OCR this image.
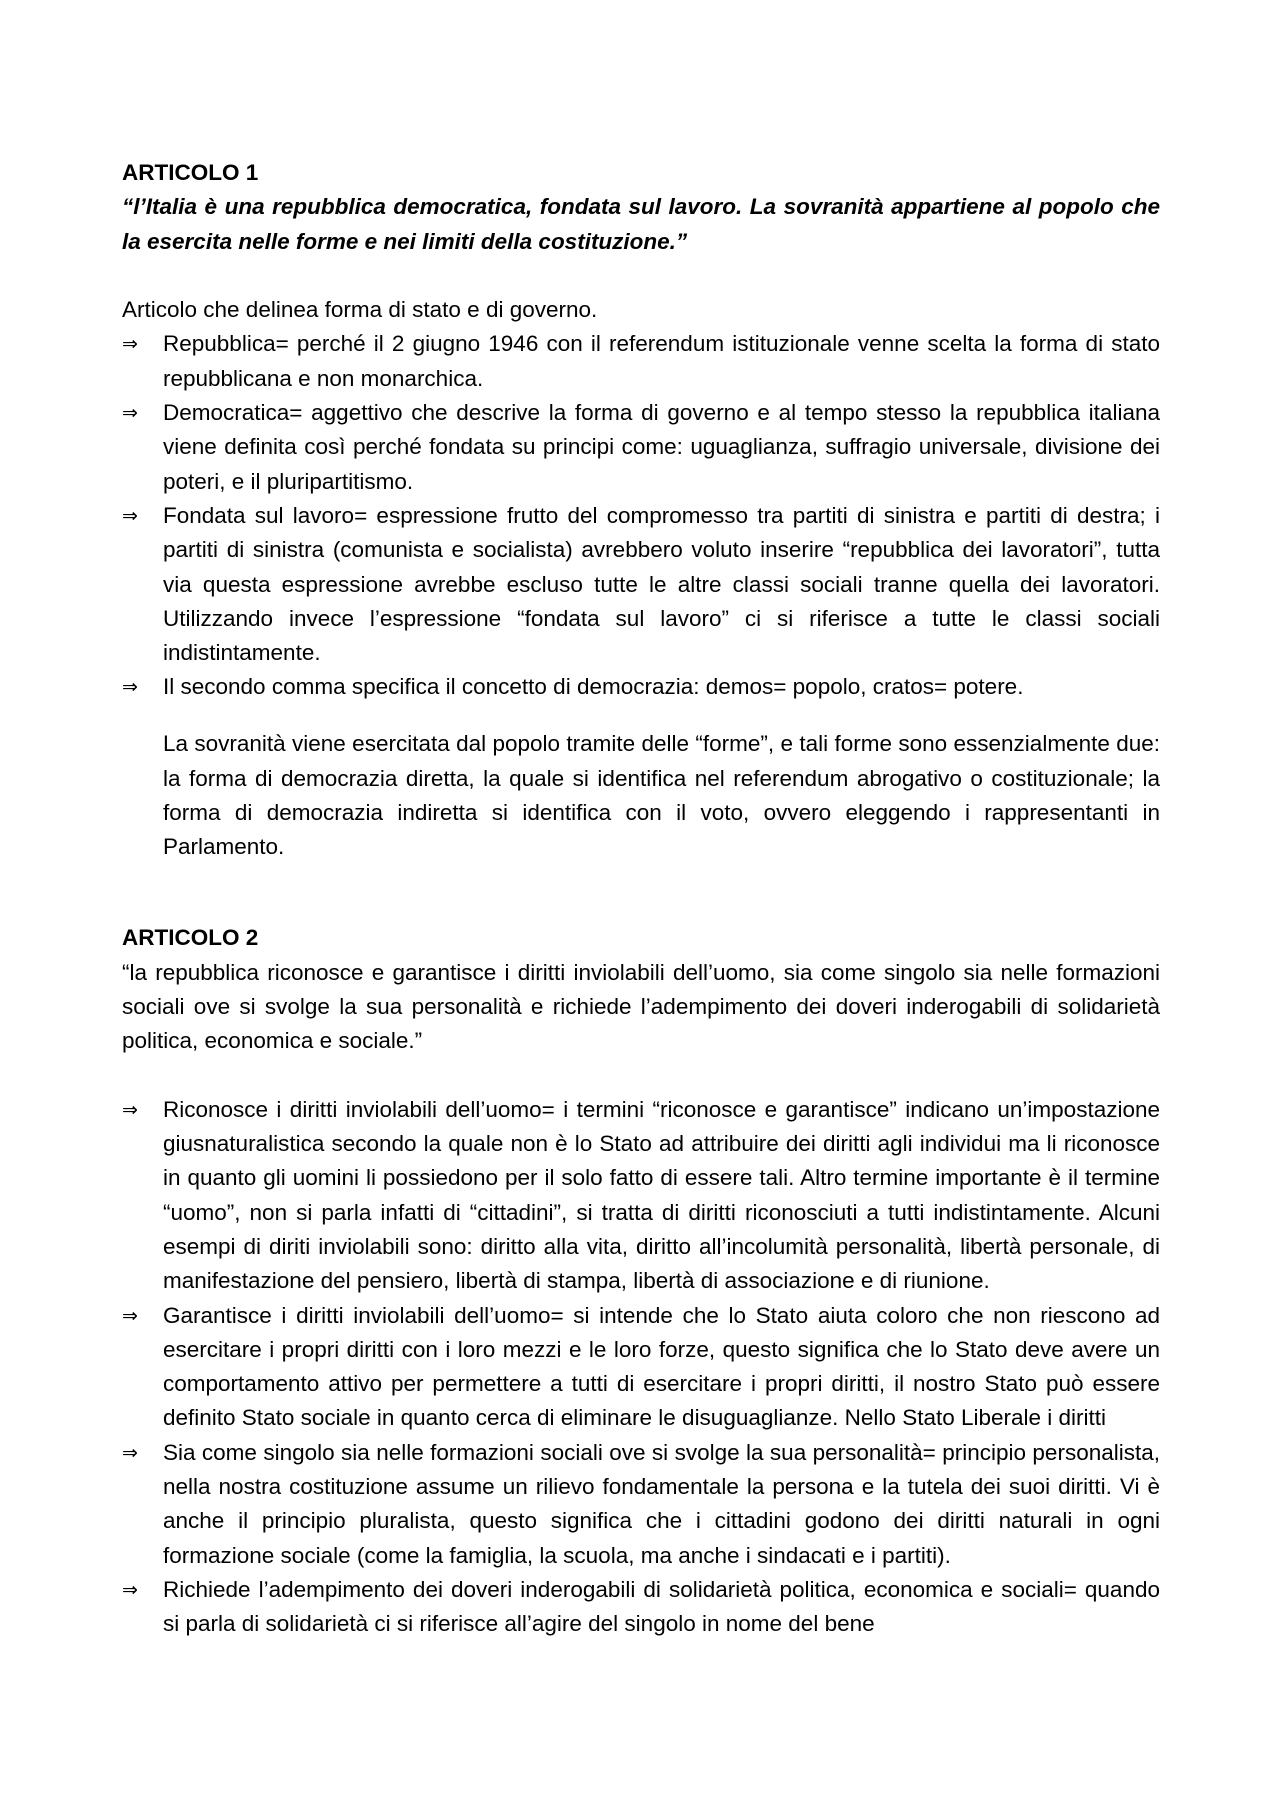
ARTICOLO 1

“l’Italia è una repubblica democratica, fondata sul lavoro. La sovranità appartiene al popolo che la esercita nelle forme e nei limiti della costituzione.”

Articolo che delinea forma di stato e di governo.

⇒	Repubblica= perché il 2 giugno 1946 con il referendum istituzionale venne scelta la forma di stato repubblicana e non monarchica.
⇒	Democratica= aggettivo che descrive la forma di governo e al tempo stesso la repubblica italiana viene definita così perché fondata su principi come: uguaglianza, suffragio universale, divisione dei poteri, e il pluripartitismo.
⇒	Fondata sul lavoro= espressione frutto del compromesso tra partiti di sinistra e partiti di destra; i partiti di sinistra (comunista e socialista) avrebbero voluto inserire “repubblica dei lavoratori”, tutta via questa espressione avrebbe escluso tutte le altre classi sociali tranne quella dei lavoratori. Utilizzando invece l’espressione “fondata sul lavoro” ci si riferisce a tutte le classi sociali indistintamente.
⇒	Il secondo comma specifica il concetto di democrazia: demos= popolo, cratos= potere.

La sovranità viene esercitata dal popolo tramite delle “forme”, e tali forme sono essenzialmente due: la forma di democrazia diretta, la quale si identifica nel referendum abrogativo o costituzionale; la forma di democrazia indiretta si identifica con il voto, ovvero eleggendo i rappresentanti in Parlamento.

ARTICOLO 2

“la repubblica riconosce e garantisce i diritti inviolabili dell’uomo, sia come singolo sia nelle formazioni sociali ove si svolge la sua personalità e richiede l’adempimento dei doveri inderogabili di solidarietà politica, economica e sociale.”

⇒	Riconosce i diritti inviolabili dell’uomo= i termini “riconosce e garantisce” indicano un’impostazione giusnaturalistica secondo la quale non è lo Stato ad attribuire dei diritti agli individui ma li riconosce in quanto gli uomini li possiedono per il solo fatto di essere tali. Altro termine importante è il termine “uomo”, non si parla infatti di “cittadini”, si tratta di diritti riconosciuti a tutti indistintamente. Alcuni esempi di diriti inviolabili sono: diritto alla vita, diritto all’incolumità personalità, libertà personale, di manifestazione del pensiero, libertà di stampa, libertà di associazione e di riunione.
⇒	Garantisce i diritti inviolabili dell’uomo= si intende che lo Stato aiuta coloro che non riescono ad esercitare i propri diritti con i loro mezzi e le loro forze, questo significa che lo Stato deve avere un comportamento attivo per permettere a tutti di esercitare i propri diritti, il nostro Stato può essere definito Stato sociale in quanto cerca di eliminare le disuguaglianze. Nello Stato Liberale i diritti
⇒	Sia come singolo sia nelle formazioni sociali ove si svolge la sua personalità= principio personalista, nella nostra costituzione assume un rilievo fondamentale la persona e la tutela dei suoi diritti. Vi è anche il principio pluralista, questo significa che i cittadini godono dei diritti naturali in ogni formazione sociale (come la famiglia, la scuola, ma anche i sindacati e i partiti).
⇒	Richiede l’adempimento dei doveri inderogabili di solidarietà politica, economica e sociali= quando si parla di solidarietà ci si riferisce all’agire del singolo in nome del bene
